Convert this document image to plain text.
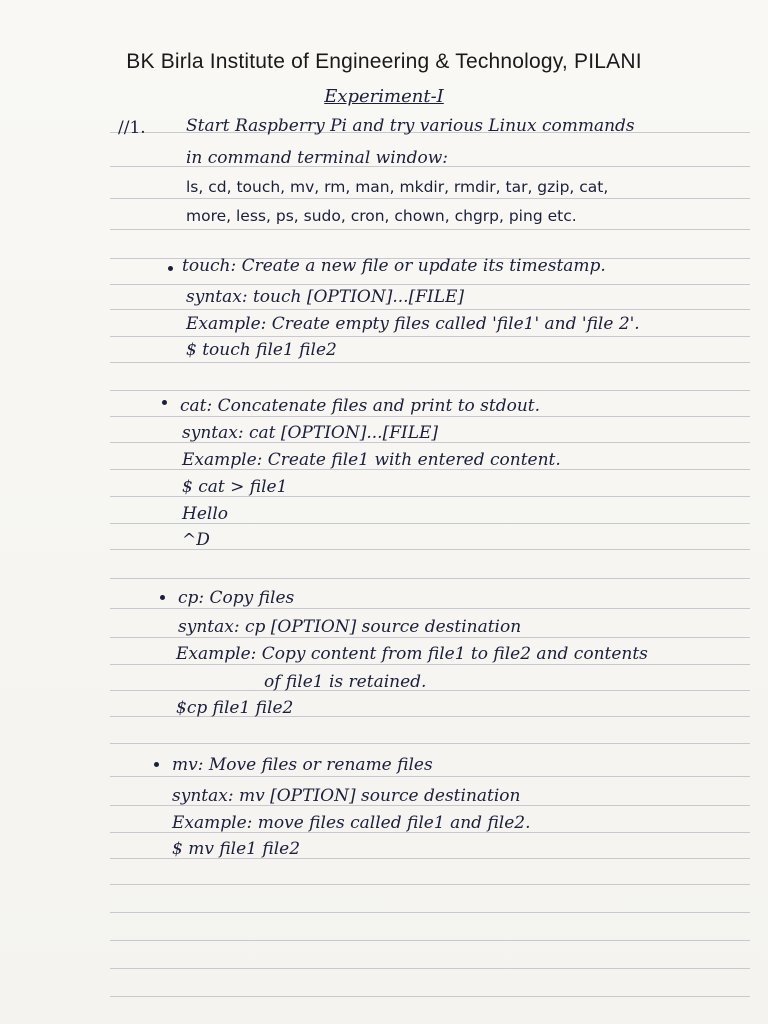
BK Birla Institute of Engineering & Technology, PILANI
Experiment-I
//1. Start Raspberry Pi and try various Linux commands
in command terminal window:
ls, cd, touch, mv, rm, man, mkdir, rmdir, tar, gzip, cat,
more, less, ps, sudo, cron, chown, chgrp, ping etc.
touch: Create a new file or update its timestamp.
syntax: touch [OPTION]...[FILE]
Example: Create empty files called 'file1' and 'file 2'.
$ touch file1 file2
cat: Concatenate files and print to stdout.
syntax: cat [OPTION]...[FILE]
Example: Create file1 with entered content.
$ cat > file1
Hello
^D
cp: Copy files
syntax: cp [OPTION] source destination
Example: Copy content from file1 to file2 and contents
of file1 is retained.
$cp file1 file2
mv: Move files or rename files
syntax: mv [OPTION] source destination
Example: move files called file1 and file2.
$ mv file1 file2
